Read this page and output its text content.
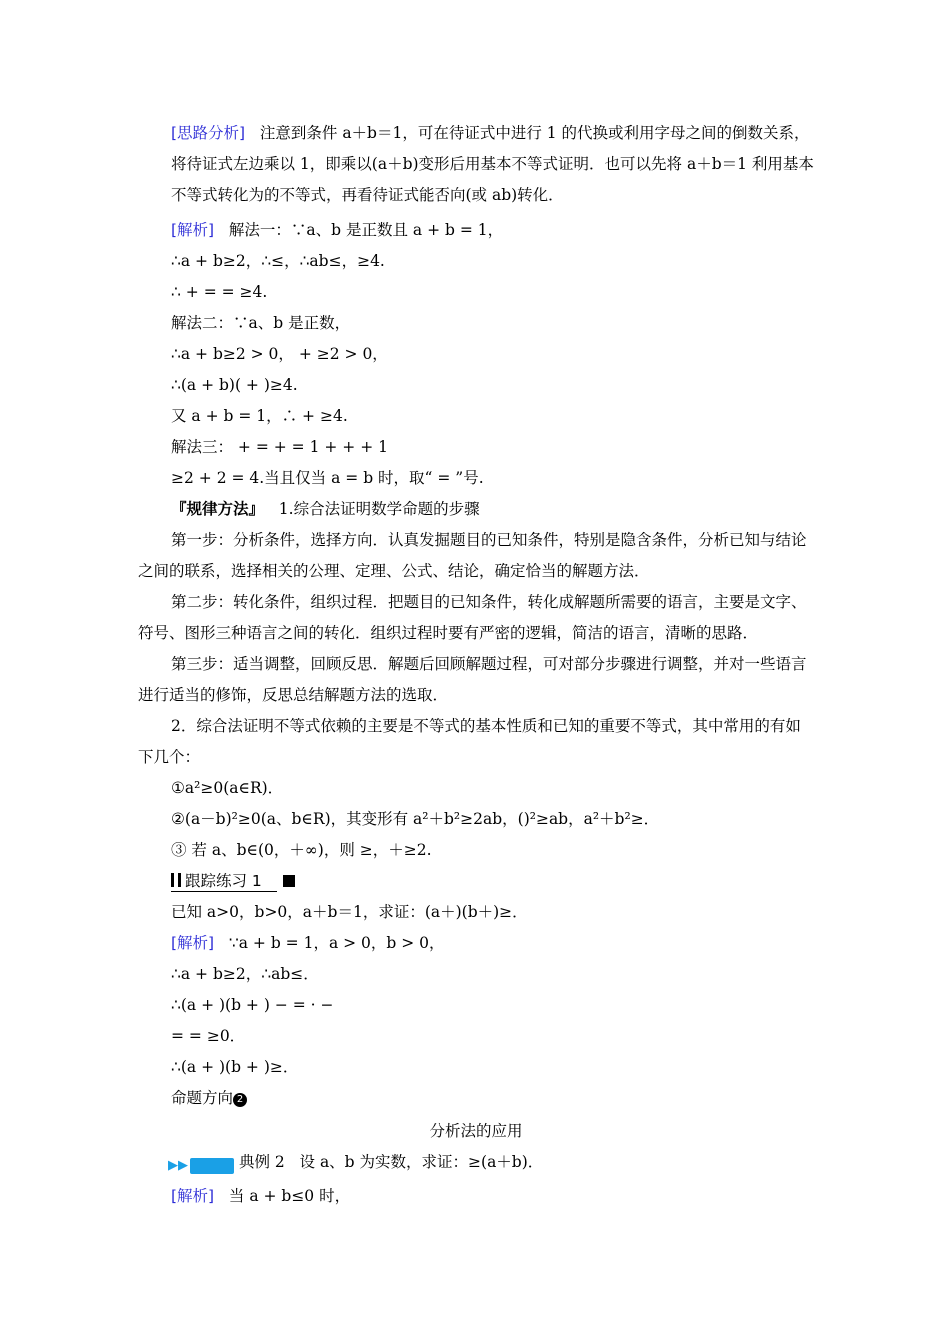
[思路分析] 注意到条件 a＋b＝1，可在待证式中进行 1 的代换或利用字母之间的倒数关系，将待证式左边乘以 1，即乘以(a＋b)变形后用基本不等式证明．也可以先将 a＋b＝1 利用基本不等式转化为的不等式，再看待证式能否向(或 ab)转化．
[解析] 解法一：∵a、b 是正数且 a + b = 1，
∴a + b≥2，∴≤，∴ab≤，≥4.
∴ + = = ≥4.
解法二：∵a、b 是正数，
∴a + b≥2 > 0， + ≥2 > 0，
∴(a + b)( + )≥4.
又 a + b = 1，∴ + ≥4.
解法三： + = + = 1 + + + 1
≥2 + 2 = 4.当且仅当 a = b 时，取“ = ”号.
『规律方法』 1.综合法证明数学命题的步骤
第一步：分析条件，选择方向．认真发掘题目的已知条件，特别是隐含条件，分析已知与结论之间的联系，选择相关的公理、定理、公式、结论，确定恰当的解题方法．
第二步：转化条件，组织过程．把题目的已知条件，转化成解题所需要的语言，主要是文字、符号、图形三种语言之间的转化．组织过程时要有严密的逻辑，简洁的语言，清晰的思路．
第三步：适当调整，回顾反思．解题后回顾解题过程，可对部分步骤进行调整，并对一些语言进行适当的修饰，反思总结解题方法的选取．
2．综合法证明不等式依赖的主要是不等式的基本性质和已知的重要不等式，其中常用的有如下几个：
①a²≥0(a∈R)．
②(a－b)²≥0(a、b∈R)，其变形有 a²＋b²≥2ab，()²≥ab，a²＋b²≥．
③ 若 a、b∈(0，＋∞)，则 ≥，＋≥2.
跟踪练习 1
已知 a>0，b>0，a＋b＝1，求证：(a＋)(b＋)≥．
[解析] ∵a + b = 1，a > 0，b > 0，
∴a + b≥2，∴ab≤．
∴(a + )(b + ) − = · −
= = ≥0．
∴(a + )(b + )≥．
命题方向 2
分析法的应用
▶▶	典例 2 设 a、b 为实数，求证：≥(a＋b)．
[解析] 当 a + b≤0 时，
